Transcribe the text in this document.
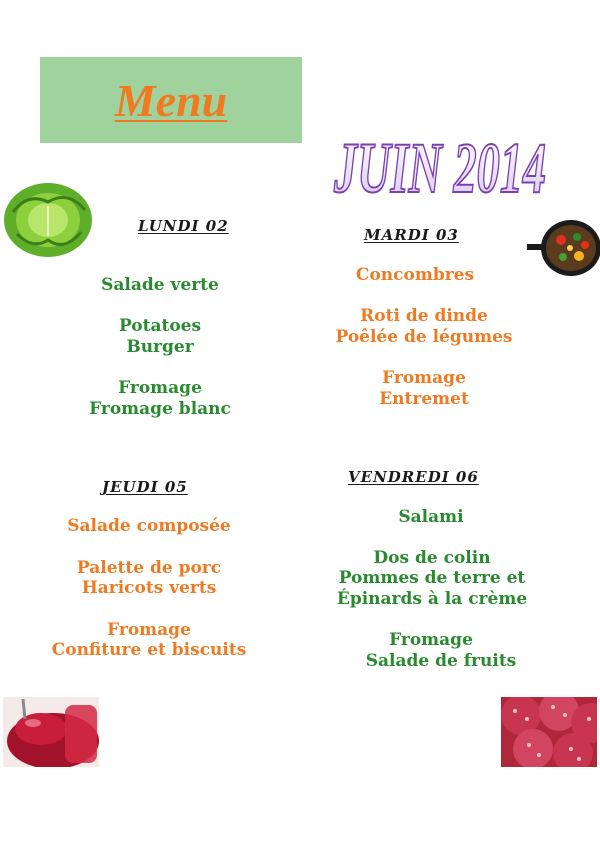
Menu
JUIN 2014
LUNDI 02	MARDI 03
JEUDI 05
VENDREDI 06
Salade verte
Potatoes
Burger
Fromage
Fromage blanc
Concombres
Roti de dinde
Poêlée de légumes
Fromage
Entremet
Salade composée
Palette de porc
Haricots verts
Fromage
Confiture et biscuits
Salami
Dos de colin
Pommes de terre et
Épinards à la crème
Fromage
Salade de fruits
